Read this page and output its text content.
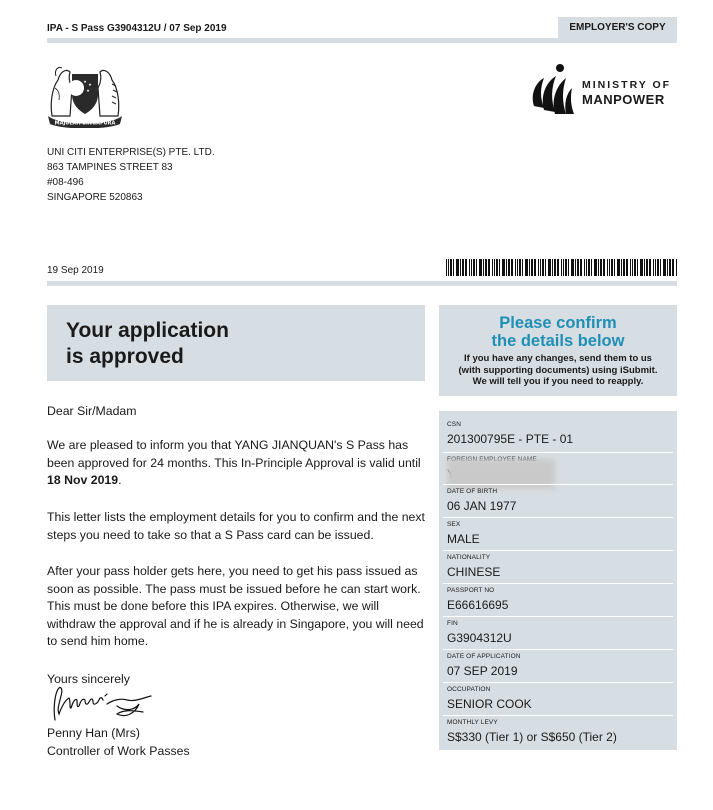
IPA - S Pass G3904312U / 07 Sep 2019	EMPLOYER'S COPY
MAJULAH SINGAPURA
MINISTRY OF
MANPOWER
UNI CITI ENTERPRISE(S) PTE. LTD.
863 TAMPINES STREET 83
#08-496
SINGAPORE 520863
19 Sep 2019
Your application
is approved
Please confirm
the details below
If you have any changes, send them to us
(with supporting documents) using iSubmit.
We will tell you if you need to reapply.
Dear Sir/Madam
We are pleased to inform you that YANG JIANQUAN's S Pass has been approved for 24 months. This In-Principle Approval is valid until 18 Nov 2019.
This letter lists the employment details for you to confirm and the next steps you need to take so that a S Pass card can be issued.
After your pass holder gets here, you need to get his pass issued as soon as possible. The pass must be issued before he can start work. This must be done before this IPA expires. Otherwise, we will withdraw the approval and if he is already in Singapore, you will need to send him home.
Yours sincerely
Penny Han (Mrs)
Controller of Work Passes
CSN
201300795E - PTE - 01
DATE OF BIRTH
06 JAN 1977
SEX
MALE
NATIONALITY
CHINESE
PASSPORT NO
E66616695
FIN
G3904312U
DATE OF APPLICATION
07 SEP 2019
OCCUPATION
SENIOR COOK
MONTHLY LEVY
S$330 (Tier 1) or S$650 (Tier 2)
